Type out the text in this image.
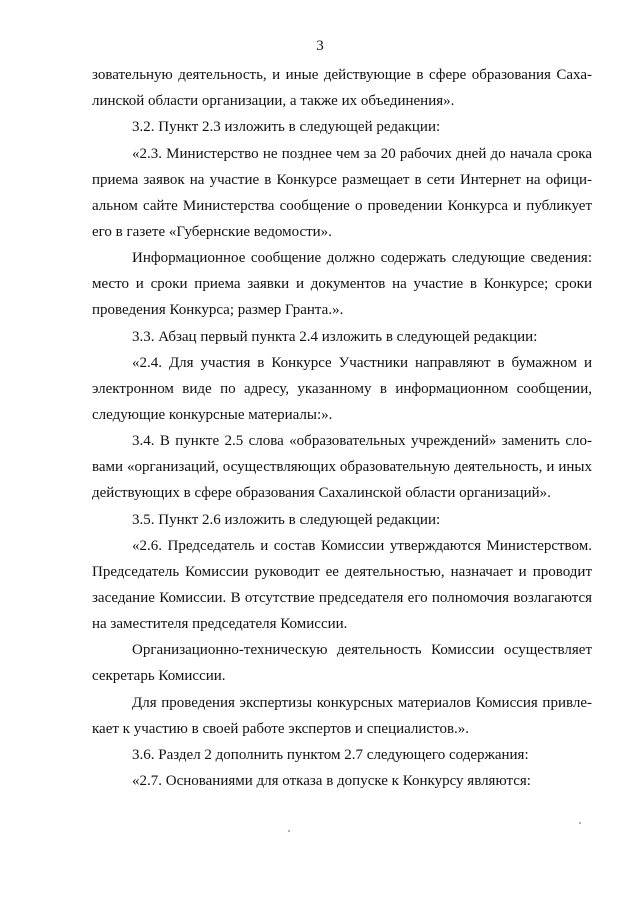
3
зовательную деятельность, и иные действующие в сфере образования Саха-
линской области организации, а также их объединения».
3.2. Пункт 2.3 изложить в следующей редакции:
«2.3. Министерство не позднее чем за 20 рабочих дней до начала срока
приема заявок на участие в Конкурсе размещает в сети Интернет на офици-
альном сайте Министерства сообщение о проведении Конкурса и публикует
его в газете «Губернские ведомости».
Информационное сообщение должно содержать следующие сведения:
место и сроки приема заявки и документов на участие в Конкурсе; сроки
проведения Конкурса; размер Гранта.».
3.3. Абзац первый пункта 2.4 изложить в следующей редакции:
«2.4. Для участия в Конкурсе Участники направляют в бумажном и
электронном виде по адресу, указанному в информационном сообщении,
следующие конкурсные материалы:».
3.4. В пункте 2.5 слова «образовательных учреждений» заменить сло-
вами «организаций, осуществляющих образовательную деятельность, и иных
действующих в сфере образования Сахалинской области организаций».
3.5. Пункт 2.6 изложить в следующей редакции:
«2.6. Председатель и состав Комиссии утверждаются Министерством.
Председатель Комиссии руководит ее деятельностью, назначает и проводит
заседание Комиссии. В отсутствие председателя его полномочия возлагаются
на заместителя председателя Комиссии.
Организационно-техническую деятельность Комиссии осуществляет
секретарь Комиссии.
Для проведения экспертизы конкурсных материалов Комиссия привле-
кает к участию в своей работе экспертов и специалистов.».
3.6. Раздел 2 дополнить пунктом 2.7 следующего содержания:
«2.7. Основаниями для отказа в допуске к Конкурсу являются:
